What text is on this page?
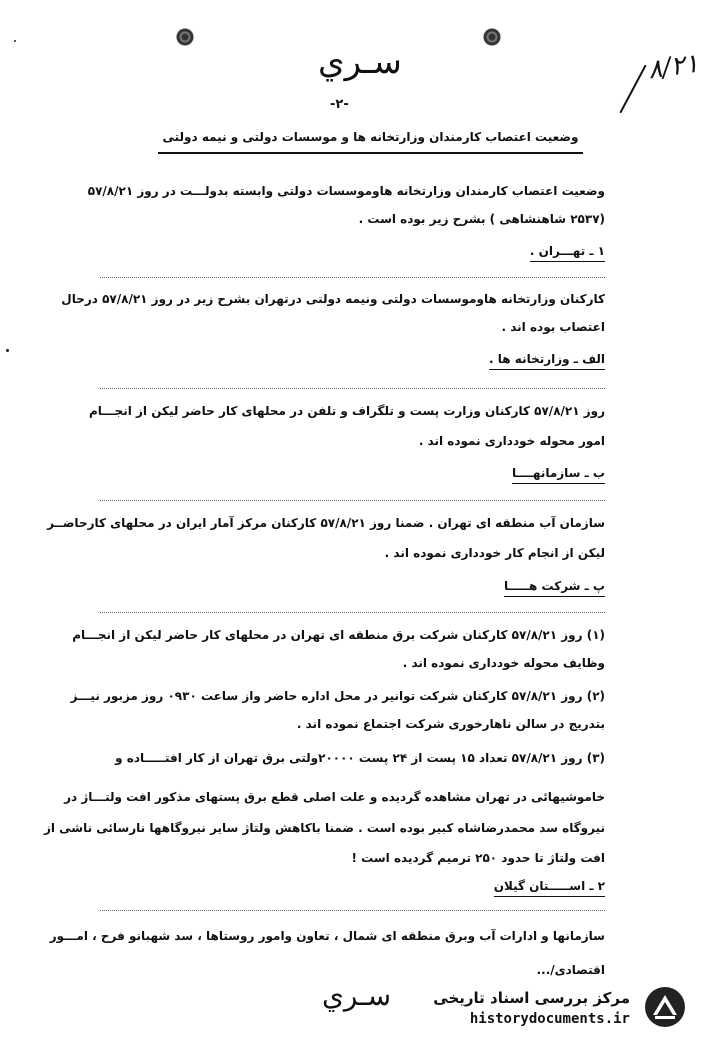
۸/۲۱
سـري
-۲-
وضعیت اعتصاب کارمندان وزارتخانه ها و موسسات دولتی و نیمه دولتی
وضعیت اعتصاب کارمندان وزارتخانه هاوموسسات دولتی وابسته بدولـــت در روز ۵۷/۸/۲۱
(۲۵۳۷ شاهنشاهی ) بشرح زیر بوده است .
۱ ـ تهـــران .
کارکنان وزارتخانه هاوموسسات دولتی ونیمه دولتی درتهران بشرح زیر در روز ۵۷/۸/۲۱ درحال
اعتصاب بوده اند .
الف ـ وزارتخانه ها .
روز ۵۷/۸/۲۱ کارکنان وزارت پست و تلگراف و تلفن در محلهای کار حاضر لیکن از انجـــام
امور محوله خودداری نموده اند .
ب ـ سازمانهــــا
سازمان آب منطقه ای تهران . ضمنا روز ۵۷/۸/۲۱ کارکنان مرکز آمار ایران در محلهای کارحاضــر
لیکن از انجام کار خودداری نموده اند .
پ ـ شرکت هـــــا
(۱) روز ۵۷/۸/۲۱ کارکنان شرکت برق منطقه ای تهران در محلهای کار حاضر لیکن از انجـــام
وظایف محوله خودداری نموده اند .
(۲) روز ۵۷/۸/۲۱ کارکنان شرکت توانیر در محل اداره حاضر واز ساعت ۰۹۳۰ روز مزبور نیـــز
بتدریج در سالن ناهارخوری شرکت اجتماع نموده اند .
(۳) روز ۵۷/۸/۲۱ تعداد ۱۵ پست از ۲۴ پست ۲۰۰۰۰ولتی برق تهران از کار افتـــــاده و
خاموشیهائی در تهران مشاهده گردیده و علت اصلی قطع برق پستهای مذکور افت ولتـــاژ در
نیروگاه سد محمدرضاشاه کبیر بوده است . ضمنا باکاهش ولتاژ سایر نیروگاهها نارسائی ناشی از
افت ولتاژ تا حدود ۲۵۰ ترمیم گردیده است !
۲ ـ اســـــتان گیلان
سازمانها و ادارات آب وبرق منطقه ای شمال ، تعاون وامور روستاها ، سد شهبانو فرح ، امـــور
اقتصادی/...
سـري	مرکز بررسی اسناد تاریخی
historydocuments.ir
